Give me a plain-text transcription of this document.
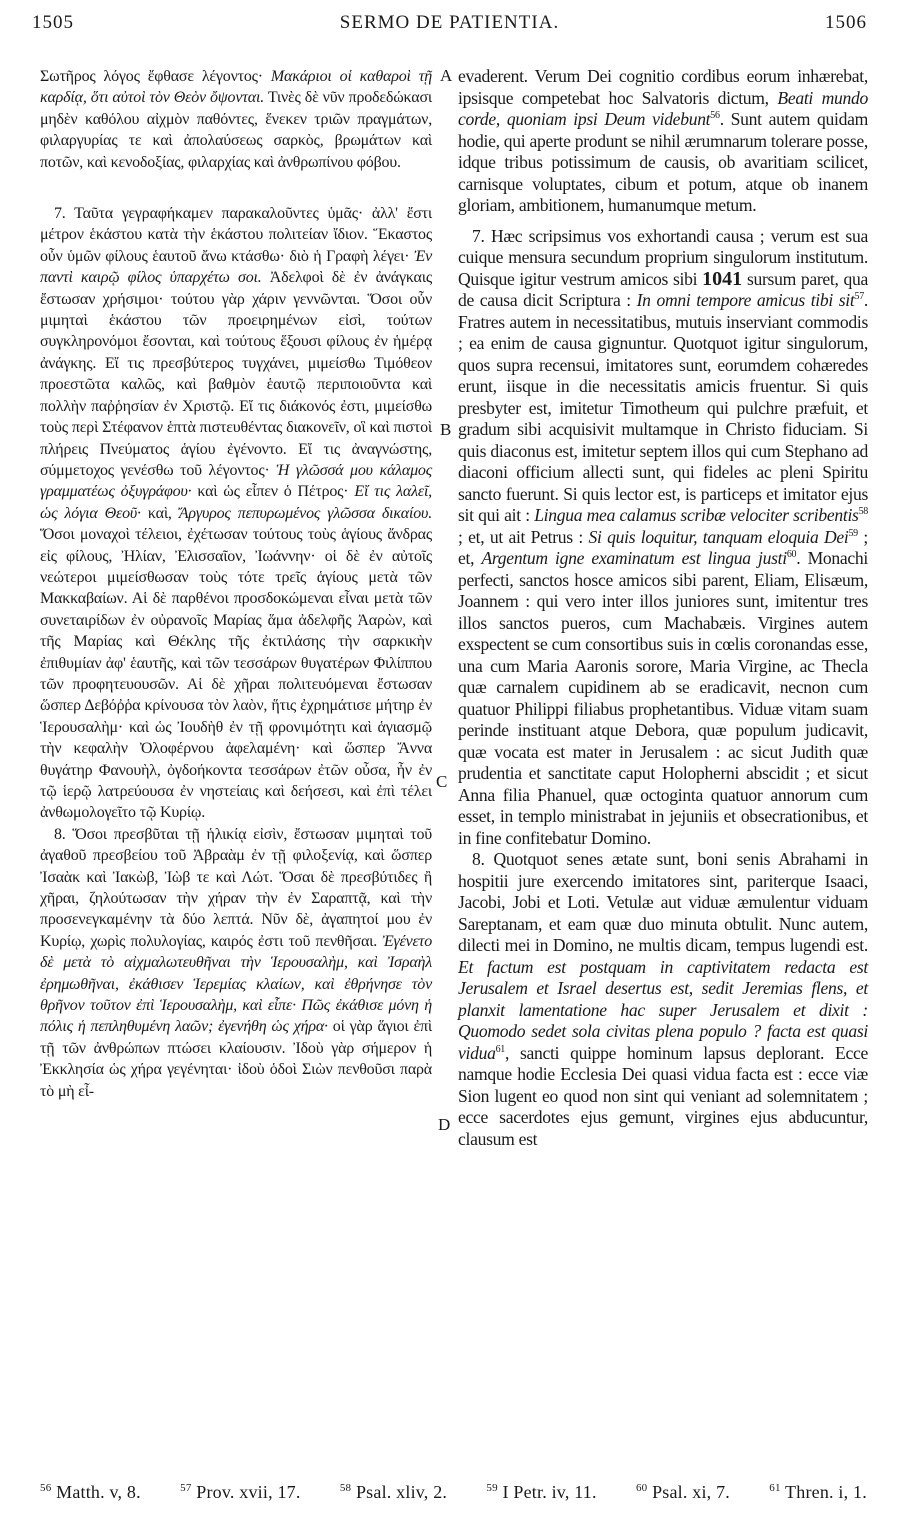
1505	SERMO DE PATIENTIA.	1506
A
B
C
D

Σωτῆρος λόγος ἔφθασε λέγοντος· Μακάριοι οἱ καθαροὶ τῇ καρδίᾳ, ὅτι αὐτοὶ τὸν Θεὸν ὄψονται. Τινὲς δὲ νῦν προδεδώκασι μηδὲν καθόλου αἰχμὸν παθόντες, ἕνεκεν τριῶν πραγμάτων, φιλαργυρίας τε καὶ ἀπολαύσεως σαρκὸς, βρωμάτων καὶ ποτῶν, καὶ κενοδοξίας, φιλαρχίας καὶ ἀνθρωπίνου φόβου.

7. Ταῦτα γεγραφήκαμεν παρακαλοῦντες ὑμᾶς· ἀλλ' ἔστι μέτρον ἑκάστου κατὰ τὴν ἑκάστου πολιτείαν ἴδιον. Ἕκαστος οὖν ὑμῶν φίλους ἑαυτοῦ ἄνω κτάσθω· διὸ ἡ Γραφὴ λέγει· Ἐν παντὶ καιρῷ φίλος ὑπαρχέτω σοι. Ἀδελφοὶ δὲ ἐν ἀνάγκαις ἔστωσαν χρήσιμοι· τούτου γὰρ χάριν γεννῶνται. Ὅσοι οὖν μιμηταὶ ἑκάστου τῶν προειρημένων εἰσὶ, τούτων συγκληρονόμοι ἔσονται, καὶ τούτους ἕξουσι φίλους ἐν ἡμέρᾳ ἀνάγκης. Εἴ τις πρεσβύτερος τυγχάνει, μιμείσθω Τιμόθεον προεστῶτα καλῶς, καὶ βαθμὸν ἑαυτῷ περιποιοῦντα καὶ πολλὴν παῤῥησίαν ἐν Χριστῷ. Εἴ τις διάκονός ἐστι, μιμείσθω τοὺς περὶ Στέφανον ἑπτὰ πιστευθέντας διακονεῖν, οἳ καὶ πιστοὶ πλήρεις Πνεύματος ἁγίου ἐγένοντο. Εἴ τις ἀναγνώστης, σύμμετοχος γενέσθω τοῦ λέγοντος· Ἡ γλῶσσά μου κάλαμος γραμματέως ὀξυγράφου· καὶ ὡς εἶπεν ὁ Πέτρος· Εἴ τις λαλεῖ, ὡς λόγια Θεοῦ· καὶ, Ἄργυρος πεπυρωμένος γλῶσσα δικαίου. Ὅσοι μοναχοὶ τέλειοι, ἐχέτωσαν τούτους τοὺς ἁγίους ἄνδρας εἰς φίλους, Ἠλίαν, Ἐλισσαῖον, Ἰωάννην· οἱ δὲ ἐν αὐτοῖς νεώτεροι μιμείσθωσαν τοὺς τότε τρεῖς ἁγίους μετὰ τῶν Μακκαβαίων. Αἱ δὲ παρθένοι προσδοκώμεναι εἶναι μετὰ τῶν συνεταιρίδων ἐν οὐρανοῖς Μαρίας ἅμα ἀδελφῆς Ἀαρὼν, καὶ τῆς Μαρίας καὶ Θέκλης τῆς ἐκτιλάσης τὴν σαρκικὴν ἐπιθυμίαν ἀφ' ἑαυτῆς, καὶ τῶν τεσσάρων θυγατέρων Φιλίππου τῶν προφητευουσῶν. Αἱ δὲ χῆραι πολιτευόμεναι ἔστωσαν ὥσπερ Δεβόῤῥα κρίνουσα τὸν λαὸν, ἥτις ἐχρημάτισε μήτηρ ἐν Ἱερουσαλὴμ· καὶ ὡς Ἰουδὴθ ἐν τῇ φρονιμότητι καὶ ἁγιασμῷ τὴν κεφαλὴν Ὀλοφέρνου ἀφελαμένη· καὶ ὥσπερ Ἄννα θυγάτηρ Φανουὴλ, ὀγδοήκοντα τεσσάρων ἐτῶν οὖσα, ἦν ἐν τῷ ἱερῷ λατρεύουσα ἐν νηστείαις καὶ δεήσεσι, καὶ ἐπὶ τέλει ἀνθωμολογεῖτο τῷ Κυρίῳ.

8. Ὅσοι πρεσβῦται τῇ ἡλικίᾳ εἰσὶν, ἔστωσαν μιμηταὶ τοῦ ἀγαθοῦ πρεσβείου τοῦ Ἀβραὰμ ἐν τῇ φιλοξενίᾳ, καὶ ὥσπερ Ἰσαὰκ καὶ Ἰακὼβ, Ἰὼβ τε καὶ Λώτ. Ὅσαι δὲ πρεσβύτιδες ἢ χῆραι, ζηλούτωσαν τὴν χήραν τὴν ἐν Σαραπτᾷ, καὶ τὴν προσενεγκαμένην τὰ δύο λεπτά. Νῦν δὲ, ἀγαπητοί μου ἐν Κυρίῳ, χωρὶς πολυλογίας, καιρός ἐστι τοῦ πενθῆσαι. Ἐγένετο δὲ μετὰ τὸ αἰχμαλωτευθῆναι τὴν Ἱερουσαλὴμ, καὶ Ἰσραὴλ ἐρημωθῆναι, ἐκάθισεν Ἱερεμίας κλαίων, καὶ ἐθρήνησε τὸν θρῆνον τοῦτον ἐπὶ Ἱερουσαλὴμ, καὶ εἶπε· Πῶς ἐκάθισε μόνη ἡ πόλις ἡ πεπληθυμένη λαῶν; ἐγενήθη ὡς χήρα· οἱ γὰρ ἅγιοι ἐπὶ τῇ τῶν ἀνθρώπων πτώσει κλαίουσιν. Ἰδοὺ γὰρ σήμερον ἡ Ἐκκλησία ὡς χήρα γεγένηται· ἰδοὺ ὁδοὶ Σιὼν πενθοῦσι παρὰ τὸ μὴ εἶ-

evaderent. Verum Dei cognitio cordibus eorum inhærebat, ipsisque competebat hoc Salvatoris dictum, Beati mundo corde, quoniam ipsi Deum videbunt$^{56}$. Sunt autem quidam hodie, qui aperte produnt se nihil ærumnarum tolerare posse, idque tribus potissimum de causis, ob avaritiam scilicet, carnisque voluptates, cibum et potum, atque ob inanem gloriam, ambitionem, humanumque metum.

7. Hæc scripsimus vos exhortandi causa ; verum est sua cuique mensura secundum proprium singulorum institutum. Quisque igitur vestrum amicos sibi 1041 sursum paret, qua de causa dicit Scriptura : In omni tempore amicus tibi sit$^{57}$. Fratres autem in necessitatibus, mutuis inserviant commodis ; ea enim de causa gignuntur. Quotquot igitur singulorum, quos supra recensui, imitatores sunt, eorumdem cohæredes erunt, iisque in die necessitatis amicis fruentur. Si quis presbyter est, imitetur Timotheum qui pulchre præfuit, et gradum sibi acquisivit multamque in Christo fiduciam. Si quis diaconus est, imitetur septem illos qui cum Stephano ad diaconi officium allecti sunt, qui fideles ac pleni Spiritu sancto fuerunt. Si quis lector est, is particeps et imitator ejus sit qui ait : Lingua mea calamus scribæ velociter scribentis$^{58}$ ; et, ut ait Petrus : Si quis loquitur, tanquam eloquia Dei$^{59}$ ; et, Argentum igne examinatum est lingua justi$^{60}$. Monachi perfecti, sanctos hosce amicos sibi parent, Eliam, Elisæum, Joannem : qui vero inter illos juniores sunt, imitentur tres illos sanctos pueros, cum Machabæis. Virgines autem exspectent se cum consortibus suis in cœlis coronandas esse, una cum Maria Aaronis sorore, Maria Virgine, ac Thecla quæ carnalem cupidinem ab se eradicavit, necnon cum quatuor Philippi filiabus prophetantibus. Viduæ vitam suam perinde instituant atque Debora, quæ populum judicavit, quæ vocata est mater in Jerusalem : ac sicut Judith quæ prudentia et sanctitate caput Holopherni abscidit ; et sicut Anna filia Phanuel, quæ octoginta quatuor annorum cum esset, in templo ministrabat in jejuniis et obsecrationibus, et in fine confitebatur Domino.

8. Quotquot senes ætate sunt, boni senis Abrahami in hospitii jure exercendo imitatores sint, pariterque Isaaci, Jacobi, Jobi et Loti. Vetulæ aut viduæ æmulentur viduam Sareptanam, et eam quæ duo minuta obtulit. Nunc autem, dilecti mei in Domino, ne multis dicam, tempus lugendi est. Et factum est postquam in captivitatem redacta est Jerusalem et Israel desertus est, sedit Jeremias flens, et planxit lamentatione hac super Jerusalem et dixit : Quomodo sedet sola civitas plena populo ? facta est quasi vidua$^{61}$, sancti quippe hominum lapsus deplorant. Ecce namque hodie Ecclesia Dei quasi vidua facta est : ecce viæ Sion lugent eo quod non sint qui veniant ad solemnitatem ; ecce sacerdotes ejus gemunt, virgines ejus abducuntur, clausum est

$^{56}$ Matth. v, 8.	$^{57}$ Prov. xvii, 17.	$^{58}$ Psal. xliv, 2.	$^{59}$ I Petr. iv, 11.	$^{60}$ Psal. xi, 7.	$^{61}$ Thren. i, 1.
